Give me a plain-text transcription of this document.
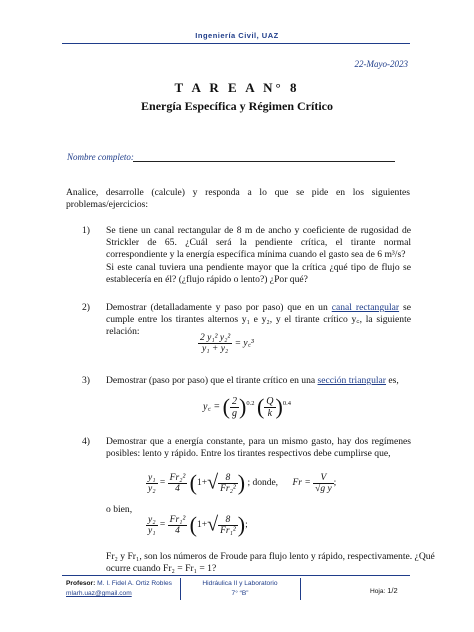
Ingeniería Civil, UAZ
22-Mayo-2023
T A R E A N° 8
Energía Específica y Régimen Crítico
Nombre completo:
Analice, desarrolle (calcule) y responda a lo que se pide en los siguientes problemas/ejercicios:
1) Se tiene un canal rectangular de 8 m de ancho y coeficiente de rugosidad de Strickler de 65. ¿Cuál será la pendiente crítica, el tirante normal correspondiente y la energía específica mínima cuando el gasto sea de 6 m³/s?
Si este canal tuviera una pendiente mayor que la crítica ¿qué tipo de flujo se establecería en él? (¿flujo rápido o lento?) ¿Por qué?
2) Demostrar (detalladamente y paso por paso) que en un canal rectangular se cumple entre los tirantes alternos y₁ e y₂, y el tirante crítico y꜀, la siguiente relación:
$\frac{\text{2 y₁² y₂²}}{\text{y₁ + y₂}}$ = y꜀³
3) Demostrar (paso por paso) que el tirante crítico en una sección triangular es,
y꜀ = ( $\frac{2}{g} )^{0.2}$ ( $\frac{Q}{k} )^{0.4}$
4) Demostrar que a energía constante, para un mismo gasto, hay dos regímenes posibles: lento y rápido. Entre los tirantes respectivos debe cumplirse que,
$\frac{\text{y₁}}{\text{y₂}} = \frac{\text{Fr₂²}}{4} (1+√ \frac{8}{\text{Fr₂²}}$ ) ; donde, $Fr = \frac{V}{\text{√g y}}$ ;
o bien,
$\frac{\text{y₂}}{\text{y₁}} = \frac{\text{Fr₁²}}{4} (1+√ \frac{8}{\text{Fr₁²}}$ );
Fr₂ y Fr₁, son los números de Froude para flujo lento y rápido, respectivamente. ¿Qué
ocurre cuando Fr₂ = Fr₁ = 1?
Profesor: M. I. Fidel A. Ortiz Robles
mlarh.uaz@gmail.com
Hidráulica II y Laboratorio
7° “B”	Hoja: 1/2
